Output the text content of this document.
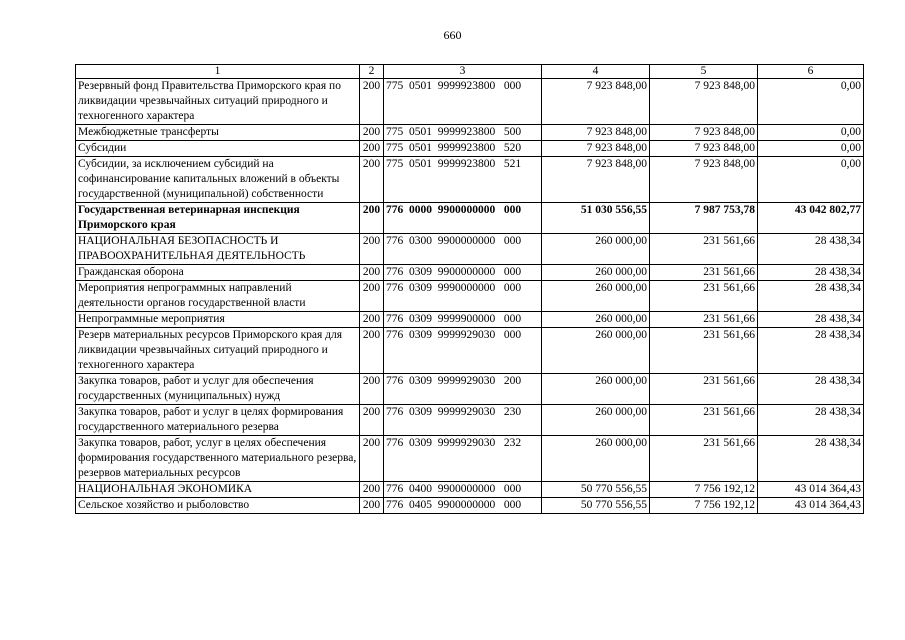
660
1	2	3	4	5	6
Резервный фонд Правительства Приморского края по ликвидации чрезвычайных ситуаций природного и техногенного характера	200	775  0501  9999923800   000	7 923 848,00	7 923 848,00	0,00
Межбюджетные трансферты	200	775  0501  9999923800   500	7 923 848,00	7 923 848,00	0,00
Субсидии	200	775  0501  9999923800   520	7 923 848,00	7 923 848,00	0,00
Субсидии, за исключением субсидий на софинансирование капитальных вложений в объекты государственной (муниципальной) собственности	200	775  0501  9999923800   521	7 923 848,00	7 923 848,00	0,00
Государственная ветеринарная инспекция Приморского края	200	776  0000  9900000000   000	51 030 556,55	7 987 753,78	43 042 802,77
НАЦИОНАЛЬНАЯ БЕЗОПАСНОСТЬ И ПРАВООХРАНИТЕЛЬНАЯ ДЕЯТЕЛЬНОСТЬ	200	776  0300  9900000000   000	260 000,00	231 561,66	28 438,34
Гражданская оборона	200	776  0309  9900000000   000	260 000,00	231 561,66	28 438,34
Мероприятия непрограммных направлений деятельности органов государственной власти	200	776  0309  9990000000   000	260 000,00	231 561,66	28 438,34
Непрограммные мероприятия	200	776  0309  9999900000   000	260 000,00	231 561,66	28 438,34
Резерв материальных ресурсов Приморского края для ликвидации чрезвычайных ситуаций природного и техногенного характера	200	776  0309  9999929030   000	260 000,00	231 561,66	28 438,34
Закупка товаров, работ и услуг для обеспечения государственных (муниципальных) нужд	200	776  0309  9999929030   200	260 000,00	231 561,66	28 438,34
Закупка товаров, работ и услуг в целях формирования государственного материального резерва	200	776  0309  9999929030   230	260 000,00	231 561,66	28 438,34
Закупка товаров, работ, услуг в целях обеспечения формирования государственного материального резерва, резервов материальных ресурсов	200	776  0309  9999929030   232	260 000,00	231 561,66	28 438,34
НАЦИОНАЛЬНАЯ ЭКОНОМИКА	200	776  0400  9900000000   000	50 770 556,55	7 756 192,12	43 014 364,43
Сельское хозяйство и рыболовство	200	776  0405  9900000000   000	50 770 556,55	7 756 192,12	43 014 364,43
